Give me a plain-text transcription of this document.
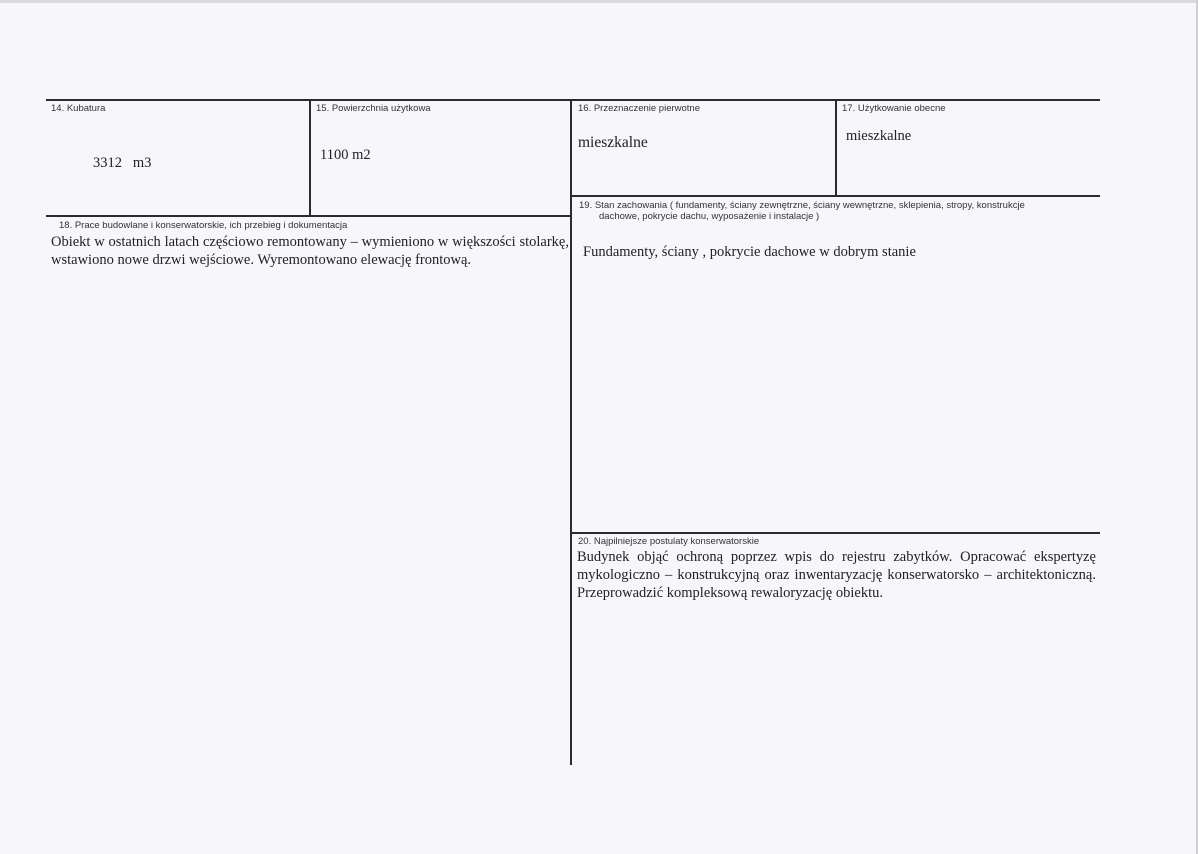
14. Kubatura
3312   m3
15. Powierzchnia użytkowa
1100 m2
16. Przeznaczenie pierwotne
mieszkalne
17. Użytkowanie obecne
mieszkalne
18. Prace budowlane i konserwatorskie, ich przebieg i dokumentacja
Obiekt w ostatnich latach częściowo remontowany – wymieniono w większości stolarkę, wstawiono nowe drzwi wejściowe. Wyremontowano elewację frontową.
19. Stan zachowania ( fundamenty, ściany zewnętrzne, ściany wewnętrzne, sklepienia, stropy, konstrukcje
dachowe, pokrycie dachu, wyposażenie i instalacje )
Fundamenty, ściany , pokrycie dachowe w dobrym stanie
20. Najpilniejsze postulaty konserwatorskie
Budynek objąć ochroną poprzez wpis do rejestru zabytków. Opracować ekspertyzę mykologiczno – konstrukcyjną oraz inwentaryzację konserwatorsko – architektoniczną. Przeprowadzić kompleksową rewaloryzację obiektu.
